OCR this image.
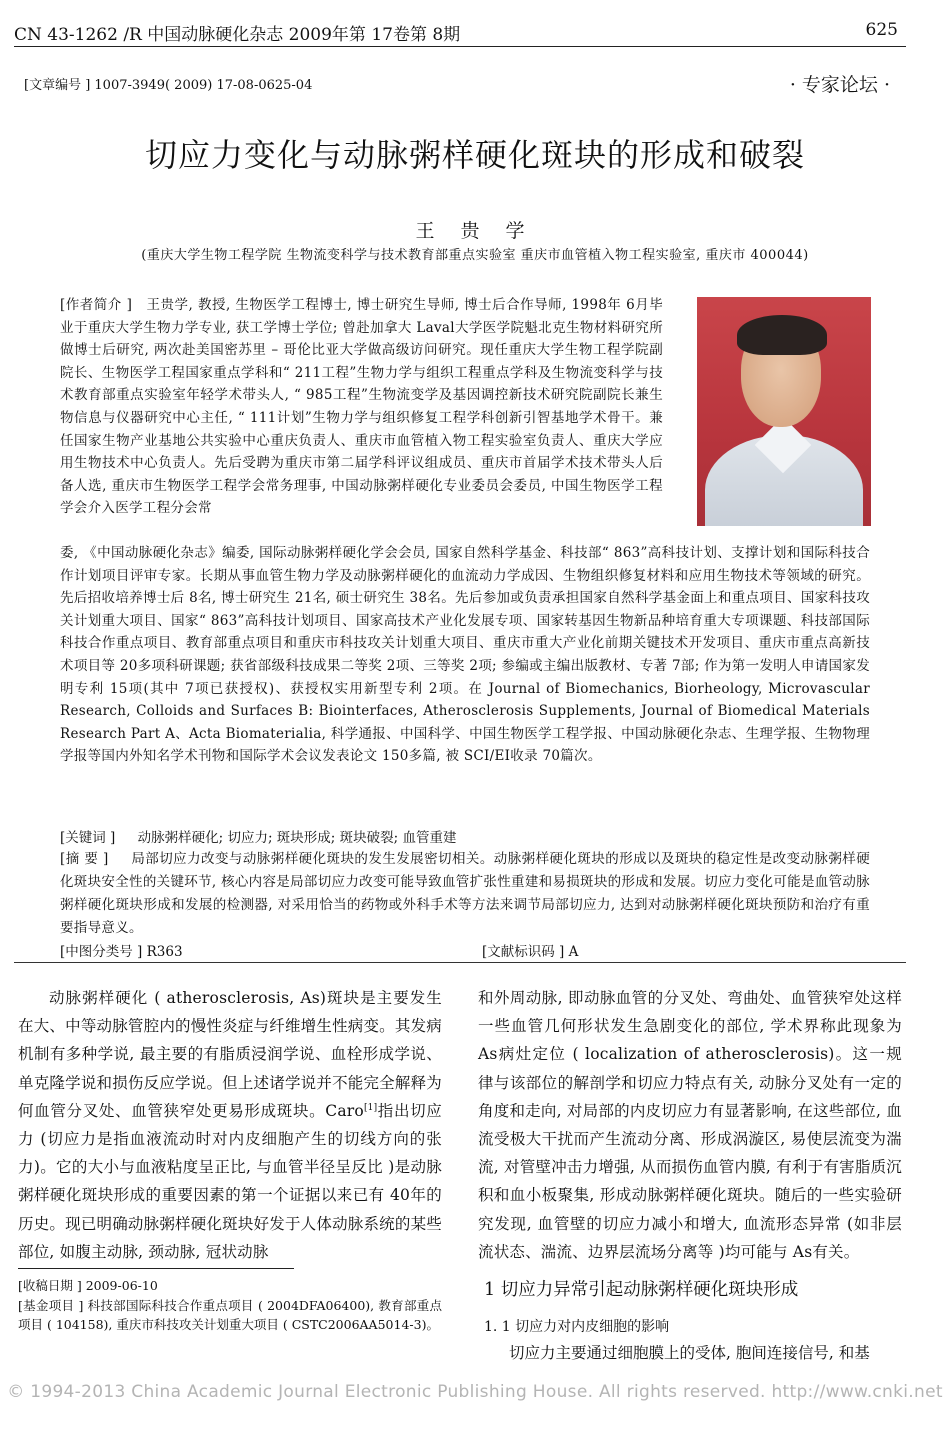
CN 43-1262 /R 中国动脉硬化杂志 2009年第 17卷第 8期	625
[文章编号 ] 1007-3949( 2009) 17-08-0625-04	· 专家论坛 ·
切应力变化与动脉粥样硬化斑块的形成和破裂
王 贵 学
(重庆大学生物工程学院 生物流变科学与技术教育部重点实验室 重庆市血管植入物工程实验室, 重庆市 400044)
[作者简介 ] 王贵学, 教授, 生物医学工程博士, 博士研究生导师, 博士后合作导师, 1998年 6月毕业于重庆大学生物力学专业, 获工学博士学位; 曾赴加拿大 Laval大学医学院魁北克生物材料研究所做博士后研究, 两次赴美国密苏里 – 哥伦比亚大学做高级访问研究。现任重庆大学生物工程学院副院长、生物医学工程国家重点学科和“ 211工程”生物力学与组织工程重点学科及生物流变科学与技术教育部重点实验室年轻学术带头人, “ 985工程”生物流变学及基因调控新技术研究院副院长兼生物信息与仪器研究中心主任, “ 111计划”生物力学与组织修复工程学科创新引智基地学术骨干。兼任国家生物产业基地公共实验中心重庆负责人、重庆市血管植入物工程实验室负责人、重庆大学应用生物技术中心负责人。先后受聘为重庆市第二届学科评议组成员、重庆市首届学术技术带头人后备人选, 重庆市生物医学工程学会常务理事, 中国动脉粥样硬化专业委员会委员, 中国生物医学工程学会介入医学工程分会常
委, 《中国动脉硬化杂志》编委, 国际动脉粥样硬化学会会员, 国家自然科学基金、科技部“ 863”高科技计划、支撑计划和国际科技合作计划项目评审专家。长期从事血管生物力学及动脉粥样硬化的血流动力学成因、生物组织修复材料和应用生物技术等领域的研究。先后招收培养博士后 8名, 博士研究生 21名, 硕士研究生 38名。先后参加或负责承担国家自然科学基金面上和重点项目、国家科技攻关计划重大项目、国家“ 863”高科技计划项目、国家高技术产业化发展专项、国家转基因生物新品种培育重大专项课题、科技部国际科技合作重点项目、教育部重点项目和重庆市科技攻关计划重大项目、重庆市重大产业化前期关键技术开发项目、重庆市重点高新技术项目等 20多项科研课题; 获省部级科技成果二等奖 2项、三等奖 2项; 参编或主编出版教材、专著 7部; 作为第一发明人申请国家发明专利 15项(其中 7项已获授权)、获授权实用新型专利 2项。在 Journal of Biomechanics, Biorheology, Microvascular Research, Colloids and Surfaces B: Biointerfaces, Atherosclerosis Supplements, Journal of Biomedical Materials Research Part A、Acta Biomaterialia, 科学通报、中国科学、中国生物医学工程学报、中国动脉硬化杂志、生理学报、生物物理学报等国内外知名学术刊物和国际学术会议发表论文 150多篇, 被 SCI/EI收录 70篇次。
[关键词 ] 动脉粥样硬化; 切应力; 斑块形成; 斑块破裂; 血管重建
[摘 要 ] 局部切应力改变与动脉粥样硬化斑块的发生发展密切相关。动脉粥样硬化斑块的形成以及斑块的稳定性是改变动脉粥样硬化斑块安全性的关键环节, 核心内容是局部切应力改变可能导致血管扩张性重建和易损斑块的形成和发展。切应力变化可能是血管动脉粥样硬化斑块形成和发展的检测器, 对采用恰当的药物或外科手术等方法来调节局部切应力, 达到对动脉粥样硬化斑块预防和治疗有重要指导意义。
[中图分类号 ] R363	[文献标识码 ] A
动脉粥样硬化 ( atherosclerosis, As)斑块是主要发生在大、中等动脉管腔内的慢性炎症与纤维增生性病变。其发病机制有多种学说, 最主要的有脂质浸润学说、血栓形成学说、单克隆学说和损伤反应学说。但上述诸学说并不能完全解释为何血管分叉处、血管狭窄处更易形成斑块。Caro[1]指出切应力 (切应力是指血液流动时对内皮细胞产生的切线方向的张力)。它的大小与血液粘度呈正比, 与血管半径呈反比 )是动脉粥样硬化斑块形成的重要因素的第一个证据以来已有 40年的历史。现已明确动脉粥样硬化斑块好发于人体动脉系统的某些部位, 如腹主动脉, 颈动脉, 冠状动脉
和外周动脉, 即动脉血管的分叉处、弯曲处、血管狭窄处这样一些血管几何形状发生急剧变化的部位, 学术界称此现象为 As病灶定位 ( localization of atherosclerosis)。这一规律与该部位的解剖学和切应力特点有关, 动脉分叉处有一定的角度和走向, 对局部的内皮切应力有显著影响, 在这些部位, 血流受极大干扰而产生流动分离、形成涡漩区, 易使层流变为湍流, 对管壁冲击力增强, 从而损伤血管内膜, 有利于有害脂质沉积和血小板聚集, 形成动脉粥样硬化斑块。随后的一些实验研究发现, 血管壁的切应力减小和增大, 血流形态异常 (如非层流状态、湍流、边界层流场分离等 )均可能与 As有关。
[收稿日期 ] 2009-06-10
[基金项目 ] 科技部国际科技合作重点项目 ( 2004DFA06400), 教育部重点项目 ( 104158), 重庆市科技攻关计划重大项目 ( CSTC2006AA5014-3)。
1 切应力异常引起动脉粥样硬化斑块形成
1. 1 切应力对内皮细胞的影响
切应力主要通过细胞膜上的受体, 胞间连接信号, 和基
© 1994-2013 China Academic Journal Electronic Publishing House. All rights reserved. http://www.cnki.net
